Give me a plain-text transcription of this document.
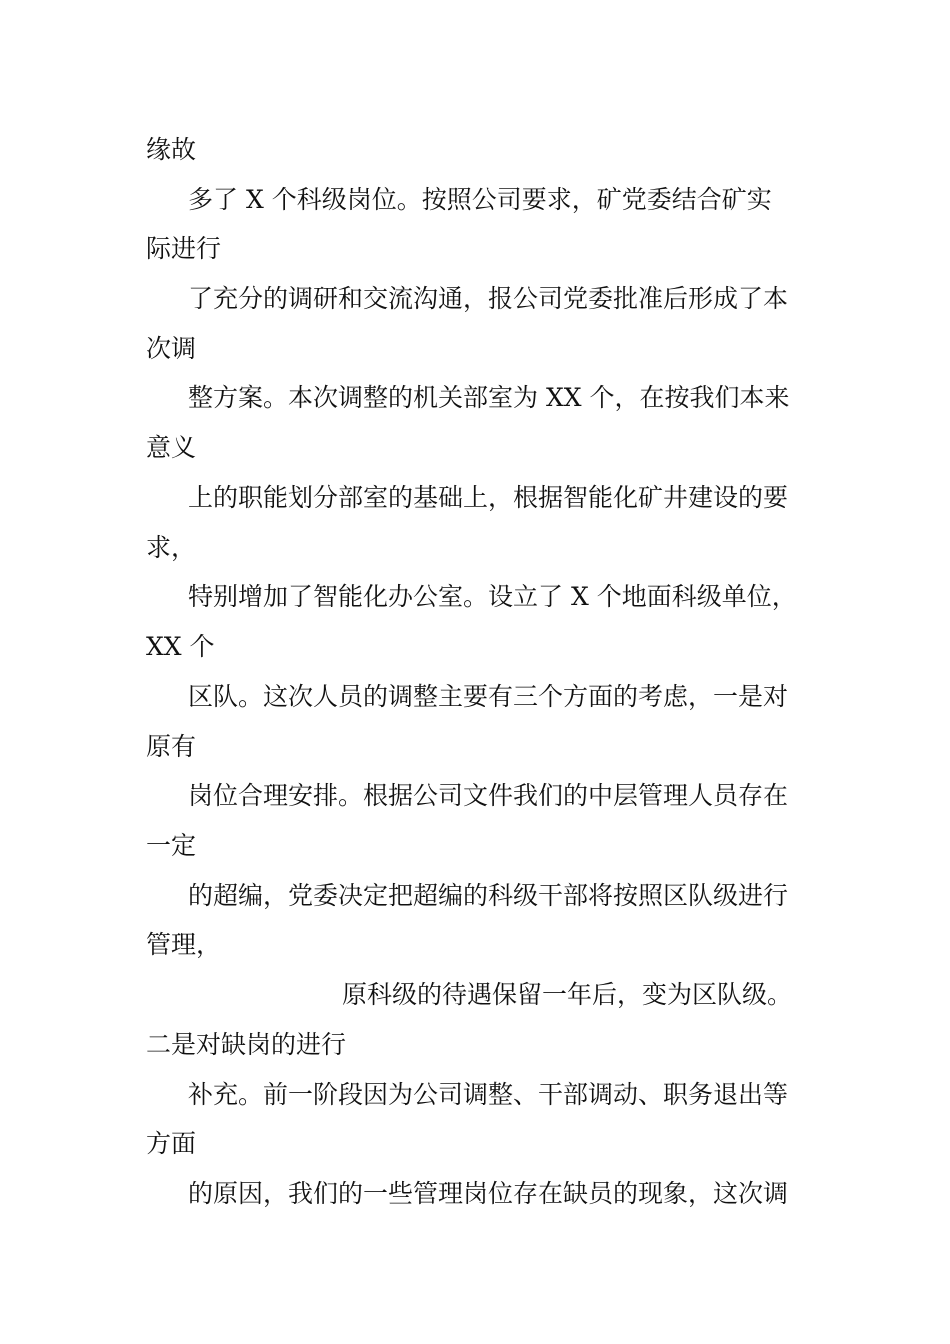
缘故

多了 X 个科级岗位。按照公司要求，矿党委结合矿实

际进行

了充分的调研和交流沟通，报公司党委批准后形成了本

次调

整方案。本次调整的机关部室为 XX 个，在按我们本来

意义

上的职能划分部室的基础上，根据智能化矿井建设的要

求，

特别增加了智能化办公室。设立了 X 个地面科级单位，

XX 个

区队。这次人员的调整主要有三个方面的考虑，一是对

原有

岗位合理安排。根据公司文件我们的中层管理人员存在

一定

的超编，党委决定把超编的科级干部将按照区队级进行

管理，

原科级的待遇保留一年后，变为区队级。

二是对缺岗的进行

补充。前一阶段因为公司调整、干部调动、职务退出等

方面

的原因，我们的一些管理岗位存在缺员的现象，这次调
